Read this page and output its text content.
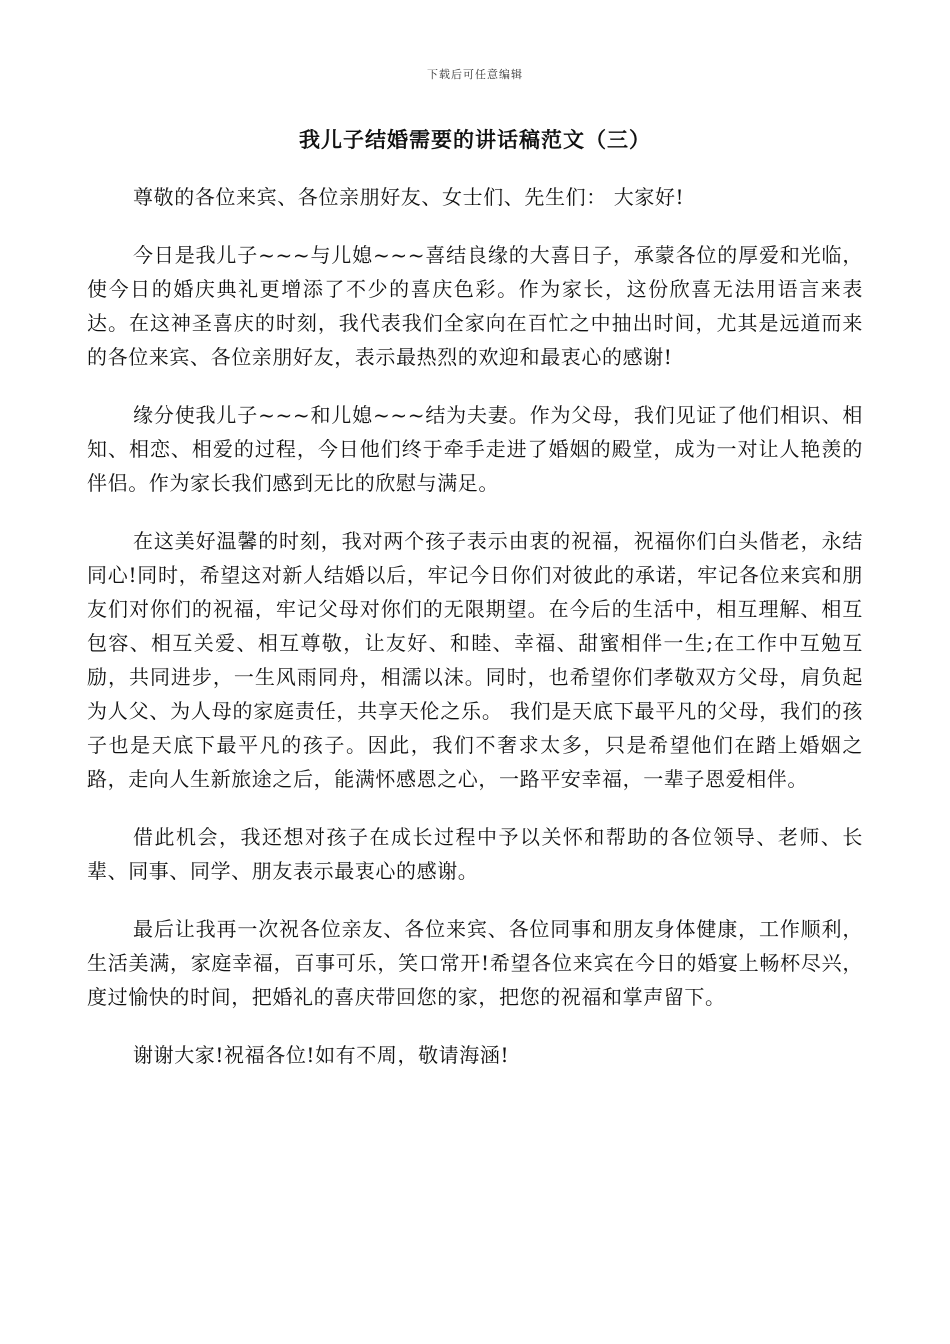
下载后可任意编辑
我儿子结婚需要的讲话稿范文（三）

尊敬的各位来宾、各位亲朋好友、女士们、先生们： 大家好!

今日是我儿子~~~与儿媳~~~喜结良缘的大喜日子，承蒙各位的厚爱和光临，使今日的婚庆典礼更增添了不少的喜庆色彩。作为家长，这份欣喜无法用语言来表达。在这神圣喜庆的时刻，我代表我们全家向在百忙之中抽出时间，尤其是远道而来的各位来宾、各位亲朋好友，表示最热烈的欢迎和最衷心的感谢!

缘分使我儿子~~~和儿媳~~~结为夫妻。作为父母，我们见证了他们相识、相知、相恋、相爱的过程，今日他们终于牵手走进了婚姻的殿堂，成为一对让人艳羡的伴侣。作为家长我们感到无比的欣慰与满足。

在这美好温馨的时刻，我对两个孩子表示由衷的祝福，祝福你们白头偕老，永结同心!同时，希望这对新人结婚以后，牢记今日你们对彼此的承诺，牢记各位来宾和朋友们对你们的祝福，牢记父母对你们的无限期望。在今后的生活中，相互理解、相互包容、相互关爱、相互尊敬，让友好、和睦、幸福、甜蜜相伴一生;在工作中互勉互励，共同进步，一生风雨同舟，相濡以沫。同时，也希望你们孝敬双方父母，肩负起为人父、为人母的家庭责任，共享天伦之乐。 我们是天底下最平凡的父母，我们的孩子也是天底下最平凡的孩子。因此，我们不奢求太多，只是希望他们在踏上婚姻之路，走向人生新旅途之后，能满怀感恩之心，一路平安幸福，一辈子恩爱相伴。

借此机会，我还想对孩子在成长过程中予以关怀和帮助的各位领导、老师、长辈、同事、同学、朋友表示最衷心的感谢。

最后让我再一次祝各位亲友、各位来宾、各位同事和朋友身体健康，工作顺利，生活美满，家庭幸福，百事可乐，笑口常开!希望各位来宾在今日的婚宴上畅杯尽兴，度过愉快的时间，把婚礼的喜庆带回您的家，把您的祝福和掌声留下。

谢谢大家!祝福各位!如有不周，敬请海涵!
